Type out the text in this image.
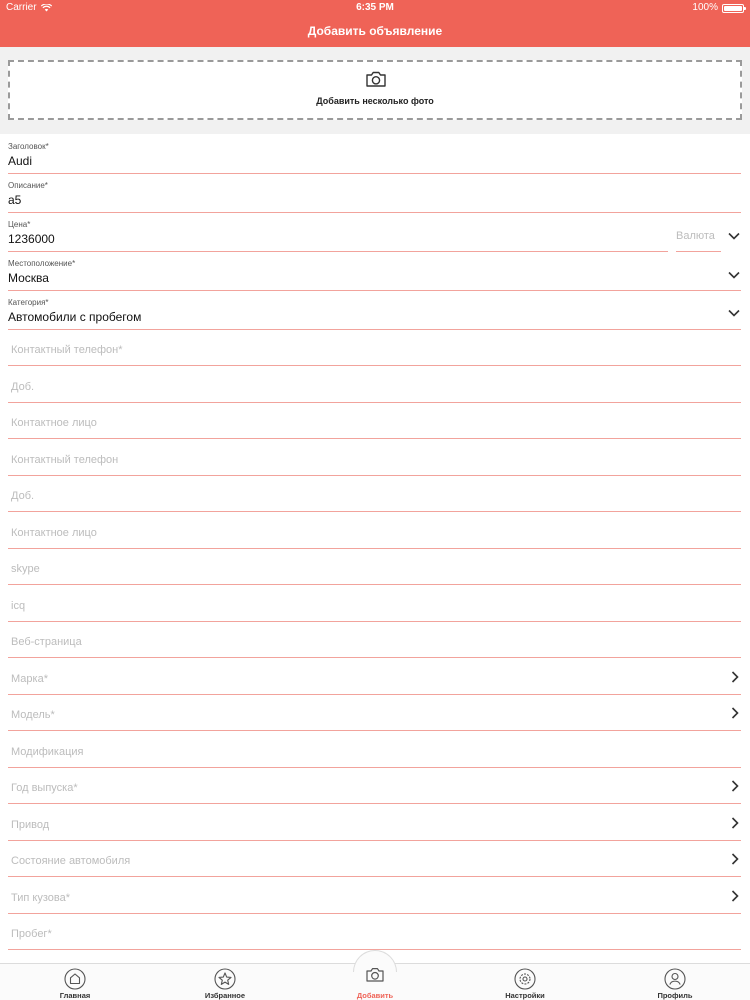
Carrier	6:35 PM	100%
Добавить объявление
Добавить несколько фото
Заголовок*
Audi
Описание*
a5
Цена*
1236000
Валюта
Местоположение*
Москва
Категория*
Автомобили с пробегом
Контактный телефон*
Доб.
Контактное лицо
Контактный телефон
Доб.
Контактное лицо
skype
icq
Веб-страница
Марка*
Модель*
Модификация
Год выпуска*
Привод
Состояние автомобиля
Тип кузова*
Пробег*
Главная	Избранное	Добавить	Настройки	Профиль
